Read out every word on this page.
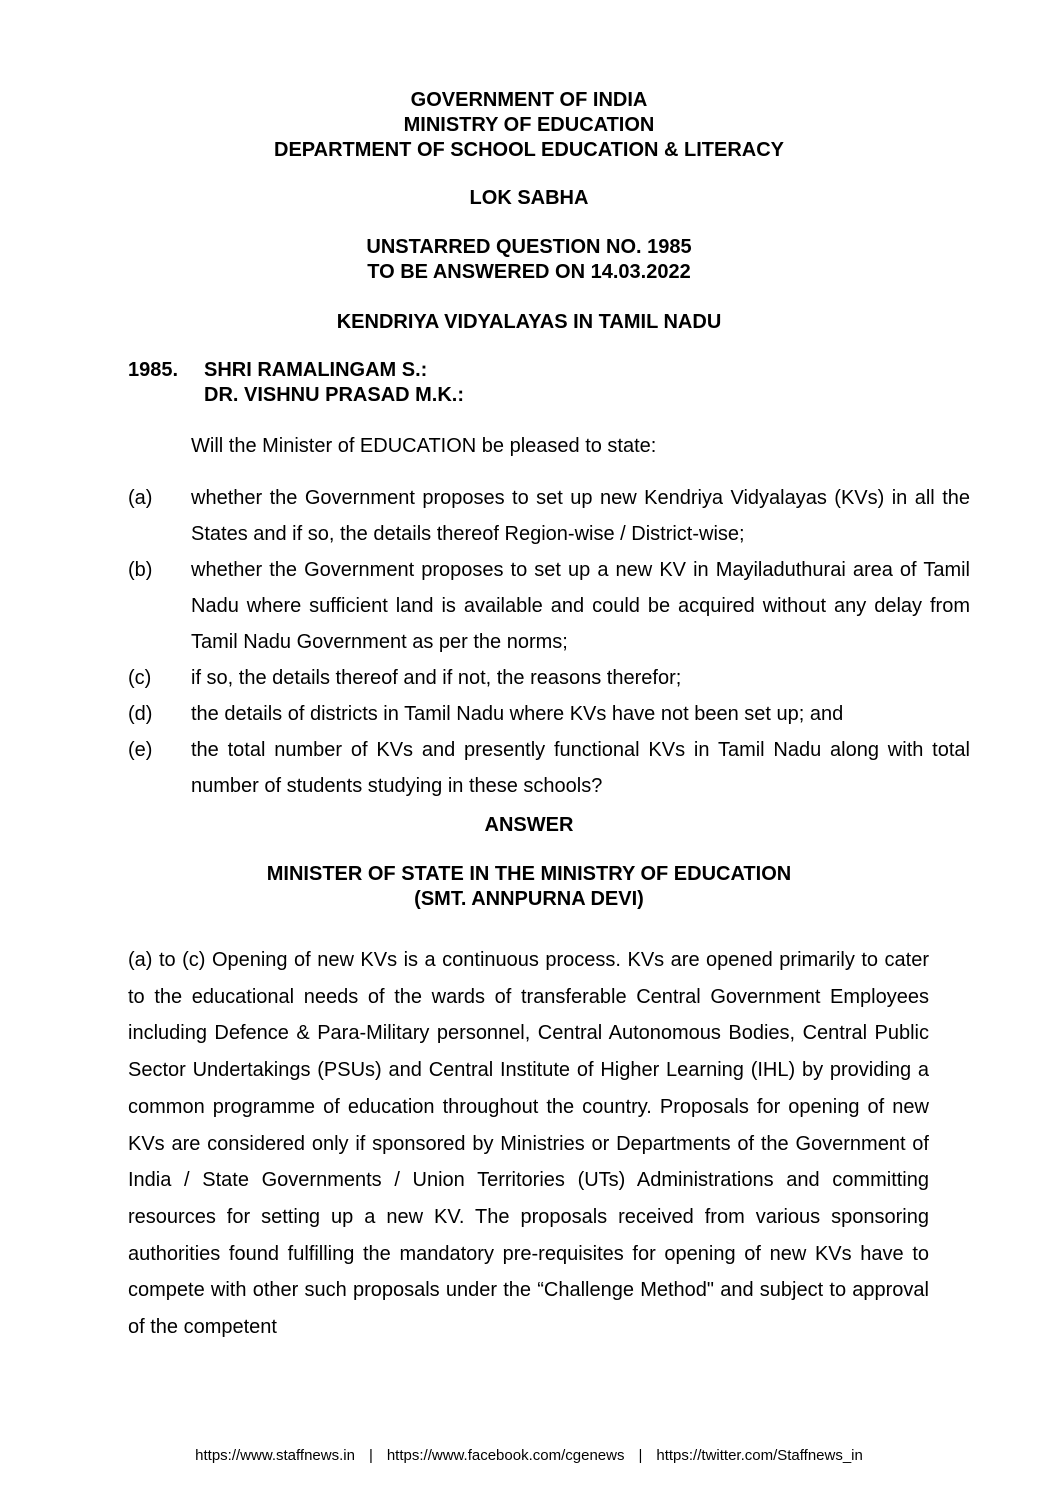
GOVERNMENT OF INDIA
MINISTRY OF EDUCATION
DEPARTMENT OF SCHOOL EDUCATION & LITERACY
LOK SABHA
UNSTARRED QUESTION NO. 1985
TO BE ANSWERED ON 14.03.2022
KENDRIYA VIDYALAYAS IN TAMIL NADU
1985. SHRI RAMALINGAM S.:
DR. VISHNU PRASAD M.K.:
Will the Minister of EDUCATION be pleased to state:
(a)	whether the Government proposes to set up new Kendriya Vidyalayas (KVs) in all the States and if so, the details thereof Region-wise / District-wise;
(b)	whether the Government proposes to set up a new KV in Mayiladuthurai area of Tamil Nadu where sufficient land is available and could be acquired without any delay from Tamil Nadu Government as per the norms;
(c)	if so, the details thereof and if not, the reasons therefor;
(d)	the details of districts in Tamil Nadu where KVs have not been set up; and
(e)	the total number of KVs and presently functional KVs in Tamil Nadu along with total number of students studying in these schools?
ANSWER
MINISTER OF STATE IN THE MINISTRY OF EDUCATION
(SMT. ANNPURNA DEVI)
(a) to (c) Opening of new KVs is a continuous process. KVs are opened primarily to cater to the educational needs of the wards of transferable Central Government Employees including Defence & Para-Military personnel, Central Autonomous Bodies, Central Public Sector Undertakings (PSUs) and Central Institute of Higher Learning (IHL) by providing a common programme of education throughout the country. Proposals for opening of new KVs are considered only if sponsored by Ministries or Departments of the Government of India / State Governments / Union Territories (UTs) Administrations and committing resources for setting up a new KV. The proposals received from various sponsoring authorities found fulfilling the mandatory pre-requisites for opening of new KVs have to compete with other such proposals under the “Challenge Method" and subject to approval of the competent
https://www.staffnews.in | https://www.facebook.com/cgenews | https://twitter.com/Staffnews_in
